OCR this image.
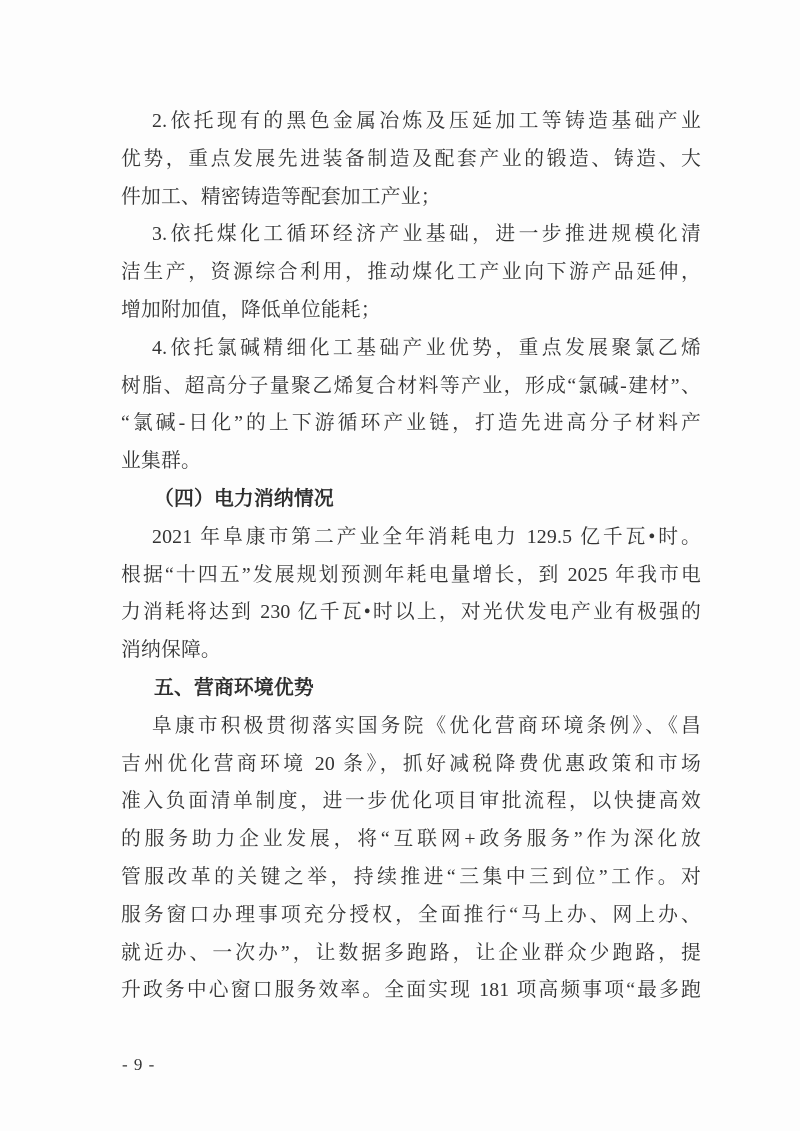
2.依托现有的黑色金属冶炼及压延加工等铸造基础产业
优势，重点发展先进装备制造及配套产业的锻造、铸造、大
件加工、精密铸造等配套加工产业；
3.依托煤化工循环经济产业基础，进一步推进规模化清
洁生产，资源综合利用，推动煤化工产业向下游产品延伸，
增加附加值，降低单位能耗；
4.依托氯碱精细化工基础产业优势，重点发展聚氯乙烯
树脂、超高分子量聚乙烯复合材料等产业，形成“氯碱-建材”、
“氯碱-日化”的上下游循环产业链，打造先进高分子材料产
业集群。
（四）电力消纳情况
2021 年阜康市第二产业全年消耗电力 129.5 亿千瓦•时。
根据“十四五”发展规划预测年耗电量增长，到 2025 年我市电
力消耗将达到 230 亿千瓦•时以上，对光伏发电产业有极强的
消纳保障。
五、营商环境优势
阜康市积极贯彻落实国务院《优化营商环境条例》、《昌
吉州优化营商环境 20 条》，抓好减税降费优惠政策和市场
准入负面清单制度，进一步优化项目审批流程，以快捷高效
的服务助力企业发展，将“互联网+政务服务”作为深化放
管服改革的关键之举，持续推进“三集中三到位”工作。对
服务窗口办理事项充分授权，全面推行“马上办、网上办、
就近办、一次办”，让数据多跑路，让企业群众少跑路，提
升政务中心窗口服务效率。全面实现 181 项高频事项“最多跑
- 9 -
